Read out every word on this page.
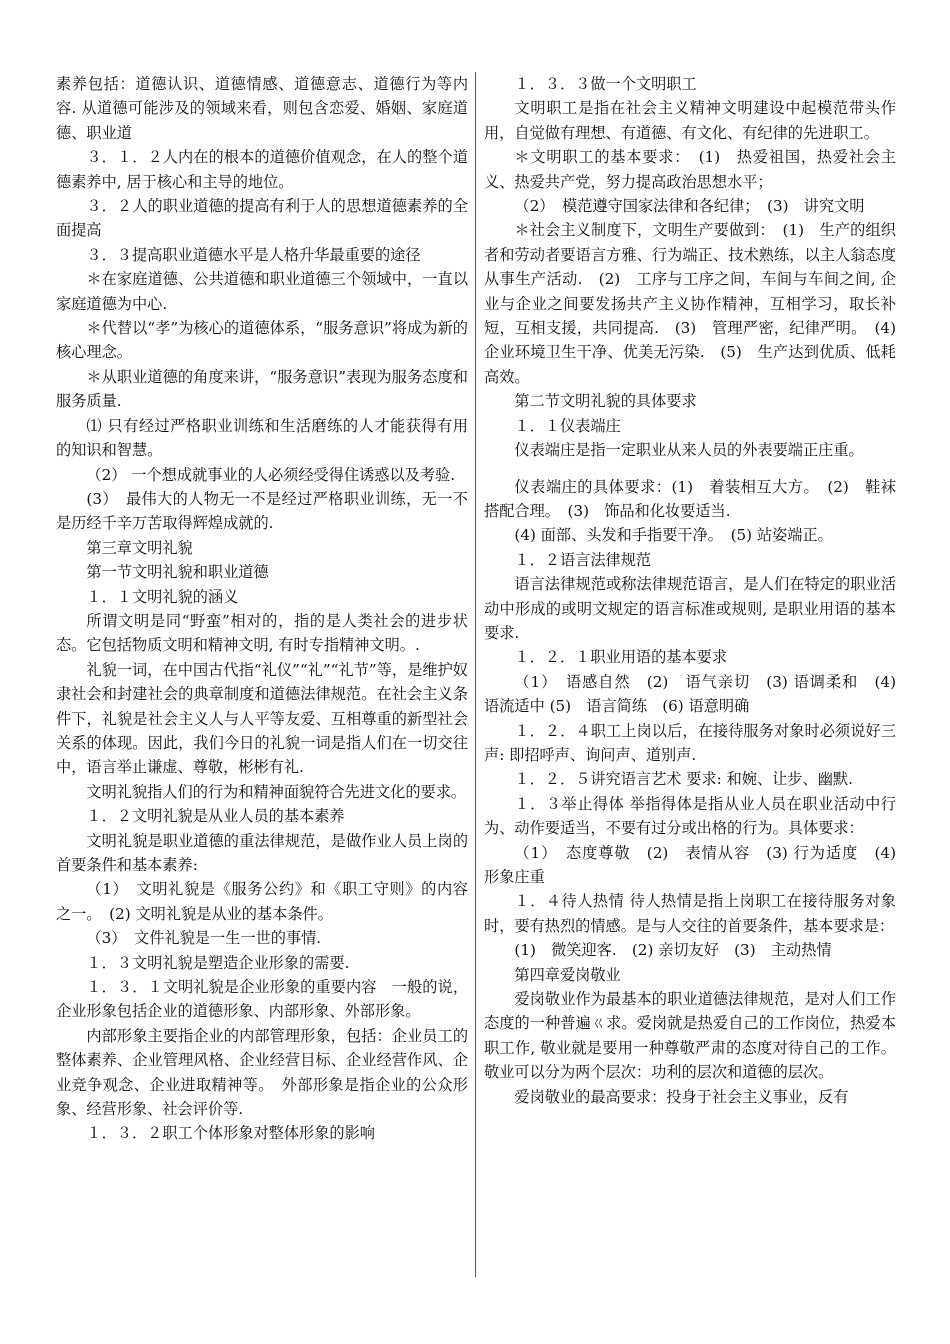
素养包括：道德认识、道德情感、道德意志、道德行为等内容. 从道德可能涉及的领域来看，则包含恋爱、婚姻、家庭道德、职业道

３．１．２人内在的根本的道德价值观念，在人的整个道德素养中, 居于核心和主导的地位。

３．２人的职业道德的提高有利于人的思想道德素养的全面提高

３．３提高职业道德水平是人格升华最重要的途径

＊在家庭道德、公共道德和职业道德三个领域中，一直以家庭道德为中心.

＊代替以“孝”为核心的道德体系，“服务意识”将成为新的核心理念。

＊从职业道德的角度来讲，“服务意识”表现为服务态度和服务质量.

⑴ 只有经过严格职业训练和生活磨练的人才能获得有用的知识和智慧。

（2） 一个想成就事业的人必须经受得住诱惑以及考验.

(3）　最伟大的人物无一不是经过严格职业训练，无一不是历经千辛万苦取得辉煌成就的.

第三章文明礼貌

第一节文明礼貌和职业道德

１．１文明礼貌的涵义

所谓文明是同“野蛮”相对的，指的是人类社会的进步状态。它包括物质文明和精神文明, 有时专指精神文明。.

礼貌一词，在中国古代指“礼仪”“礼”“礼节”等，是维护奴隶社会和封建社会的典章制度和道德法律规范。在社会主义条件下，礼貌是社会主义人与人平等友爱、互相尊重的新型社会关系的体现。因此，我们今日的礼貌一词是指人们在一切交往中，语言举止谦虚、尊敬，彬彬有礼.

文明礼貌指人们的行为和精神面貌符合先进文化的要求。

１．２文明礼貌是从业人员的基本素养

文明礼貌是职业道德的重法律规范，是做作业人员上岗的首要条件和基本素养:

（1）　文明礼貌是《服务公约》和《职工守则》的内容之一。　(2) 文明礼貌是从业的基本条件。

（3）　文件礼貌是一生一世的事情.

１．３文明礼貌是塑造企业形象的需要.

１．３．１文明礼貌是企业形象的重要内容　一般的说，企业形象包括企业的道德形象、内部形象、外部形象。

内部形象主要指企业的内部管理形象，包括：企业员工的整体素养、企业管理风格、企业经营目标、企业经营作风、企业竞争观念、企业进取精神等。　外部形象是指企业的公众形象、经营形象、社会评价等.

１．３．２职工个体形象对整体形象的影响

１．３．３做一个文明职工

文明职工是指在社会主义精神文明建设中起模范带头作用，自觉做有理想、有道德、有文化、有纪律的先进职工。

＊文明职工的基本要求：　(1)　热爱祖国，热爱社会主义、热爱共产党，努力提高政治思想水平；

（2）　模范遵守国家法律和各纪律；　(3)　讲究文明

＊社会主义制度下，文明生产要做到：　(1)　生产的组织者和劳动者要语言方雅、行为端正、技术熟练，以主人翁态度从事生产活动.　(2)　工序与工序之间，车间与车间之间, 企业与企业之间要发扬共产主义协作精神，互相学习，取长补短，互相支援，共同提高.　(3)　管理严密，纪律严明。　(4)　企业环境卫生干净、优美无污染.　(5)　生产达到优质、低耗高效。

第二节文明礼貌的具体要求

１．１仪表端庄

仪表端庄是指一定职业从来人员的外表要端正庄重。

仪表端庄的具体要求：(1)　着装相互大方。　(2)　鞋袜搭配合理。　(3)　饰品和化妆要适当.

(4) 面部、头发和手指要干净。　(5) 站姿端正。

１．２语言法律规范

语言法律规范或称法律规范语言，是人们在特定的职业活动中形成的或明文规定的语言标准或规则, 是职业用语的基本要求.

１．２．１职业用语的基本要求

（1）　语感自然　(2)　语气亲切　(3) 语调柔和　(4)　语流适中 (5)　语言简练　(6) 语意明确

１．２．４职工上岗以后，在接待服务对象时必须说好三声: 即招呼声、询问声、道别声.

１．２．５讲究语言艺术 要求: 和婉、让步、幽默.

１．３举止得体 举指得体是指从业人员在职业活动中行为、动作要适当，不要有过分或出格的行为。具体要求：

（1）　态度尊敬　(2)　表情从容　(3) 行为适度　(4)　形象庄重

１．４待人热情 待人热情是指上岗职工在接待服务对象时，要有热烈的情感。是与人交往的首要条件，基本要求是：

(1)　微笑迎客.　(2) 亲切友好　(3)　主动热情

第四章爱岗敬业

爱岗敬业作为最基本的职业道德法律规范，是对人们工作态度的一种普遍ㄍ求。爱岗就是热爱自己的工作岗位，热爱本职工作, 敬业就是要用一种尊敬严肃的态度对待自己的工作。敬业可以分为两个层次：功利的层次和道德的层次。

爱岗敬业的最高要求：投身于社会主义事业，反有
